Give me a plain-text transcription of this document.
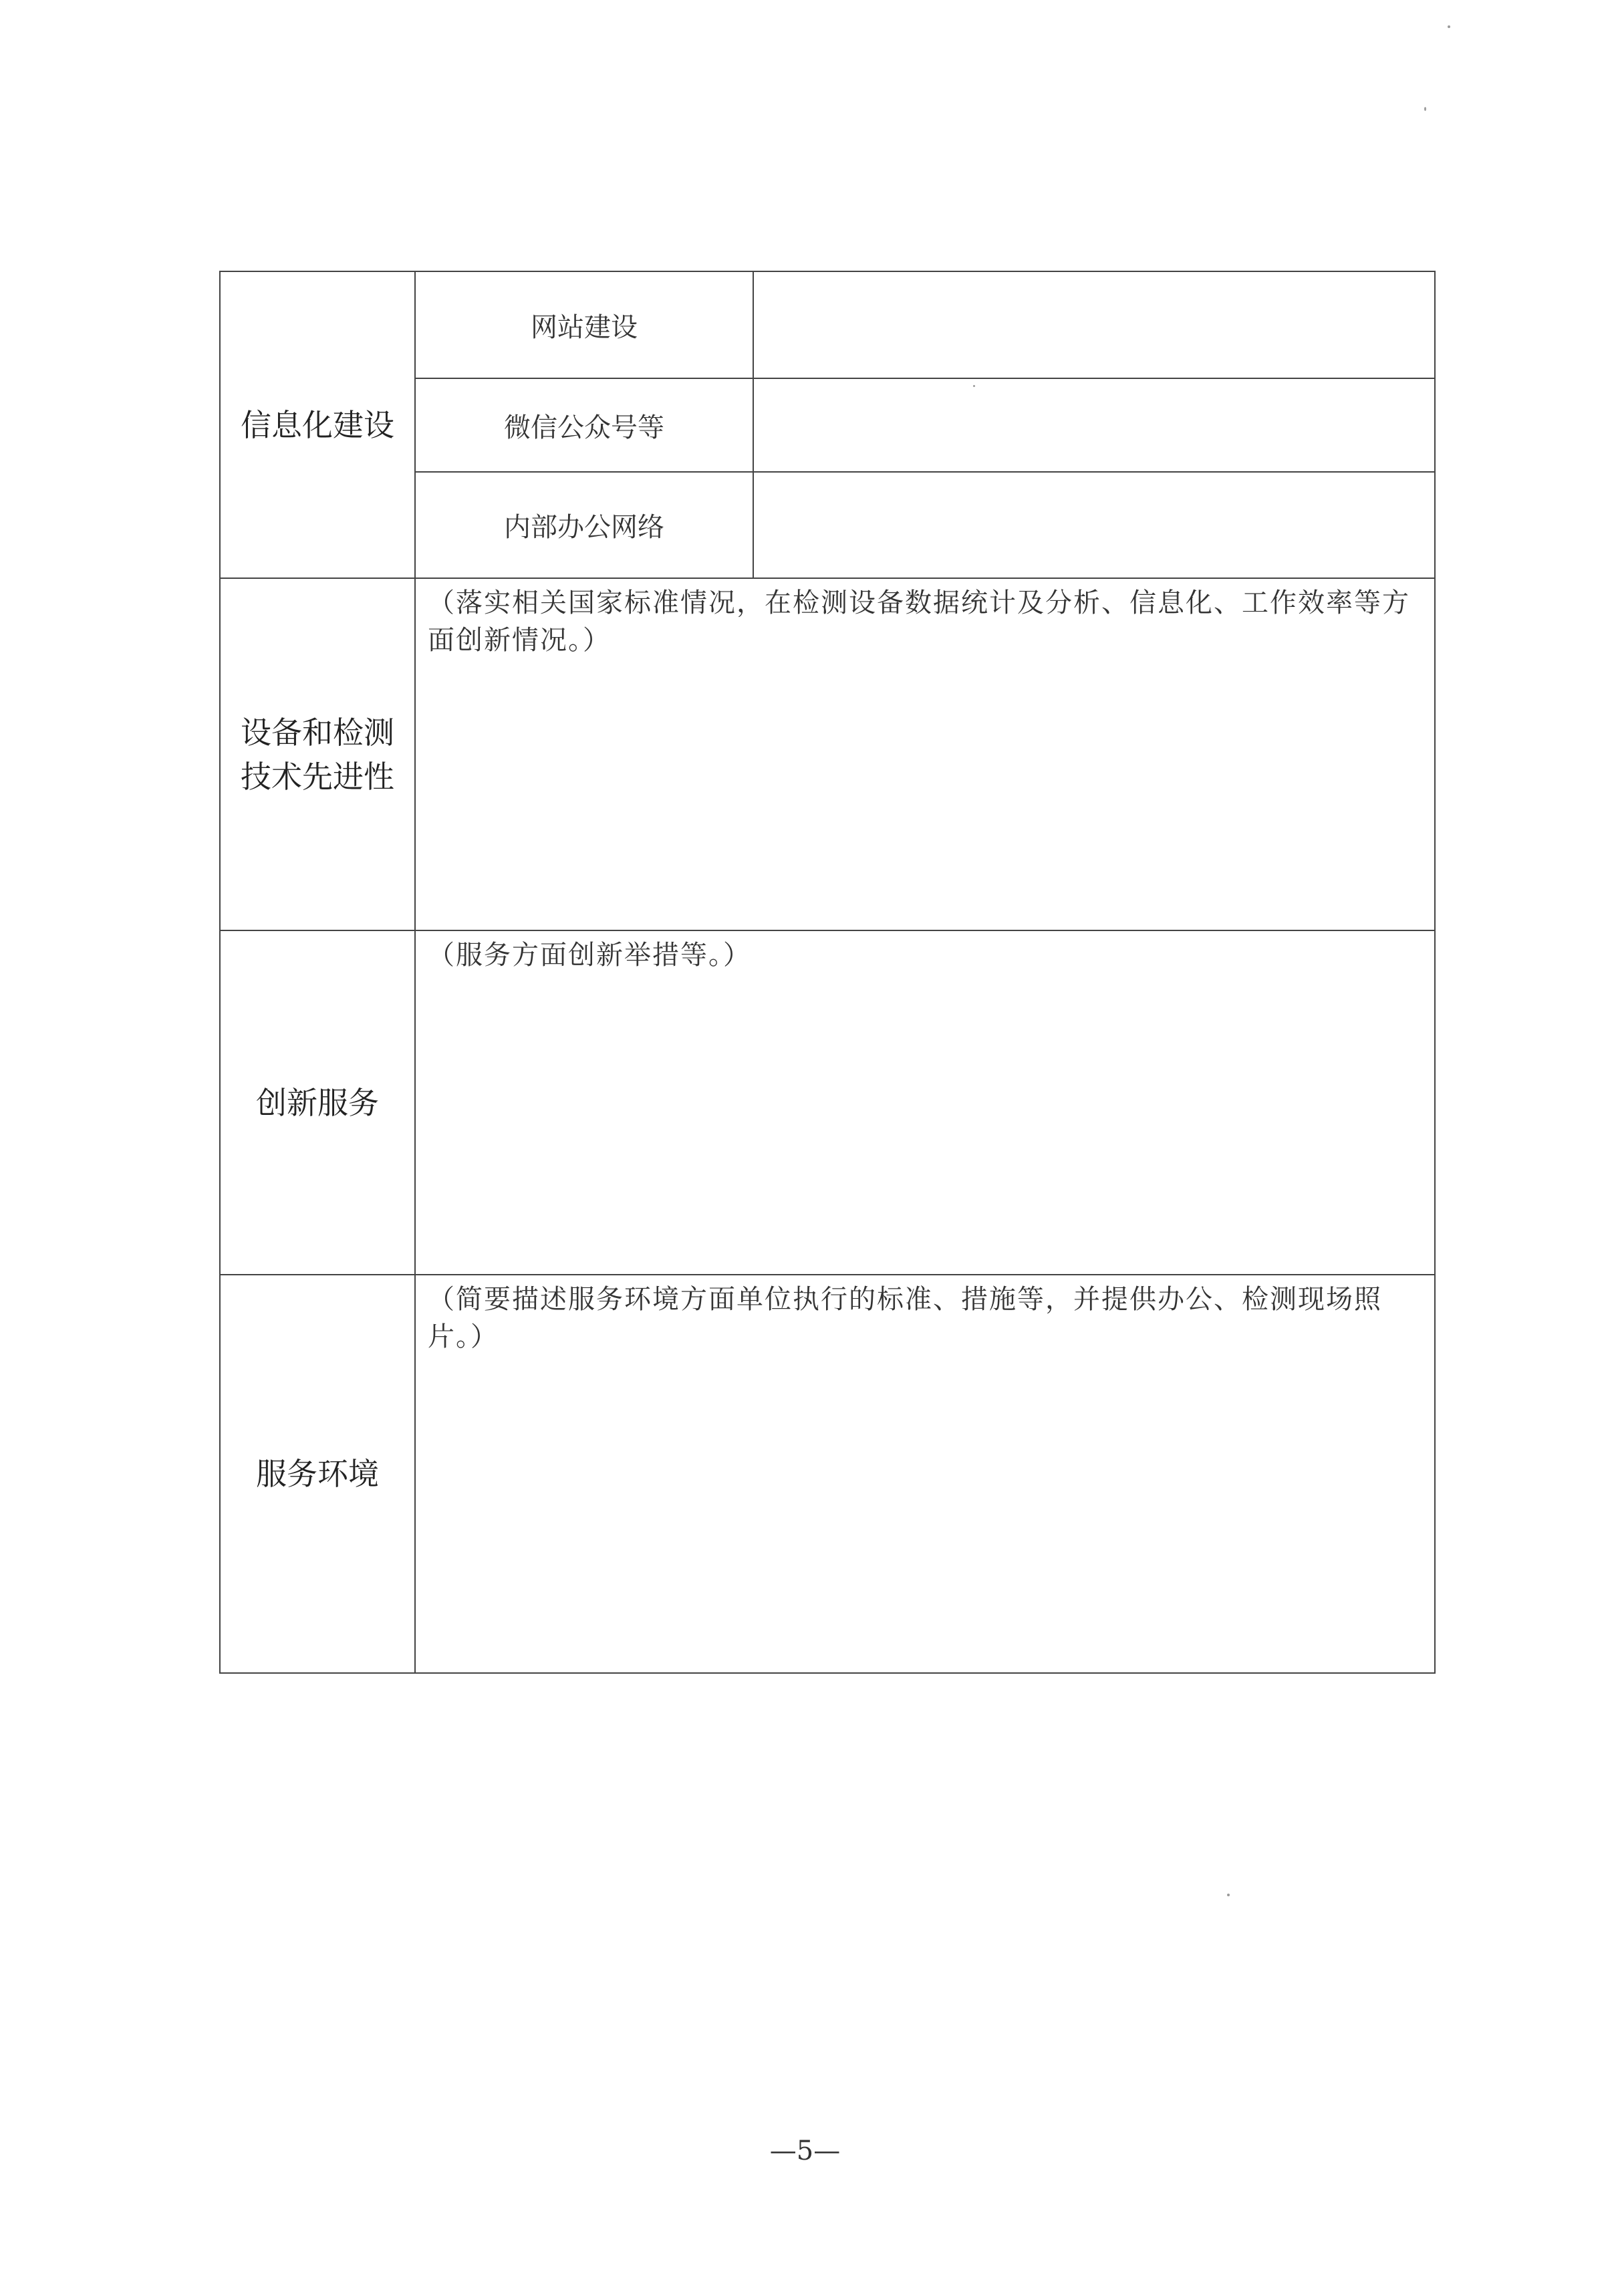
信息化建设	网站建设	
	微信公众号等	
	内部办公网络	

设备和检测
技术先进性	（落实相关国家标准情况，在检测设备数据统计及分析、信息化、工作效率等方面创新情况。）	

创新服务	（服务方面创新举措等。）	

服务环境	（简要描述服务环境方面单位执行的标准、措施等，并提供办公、检测现场照片。）	
—5—
